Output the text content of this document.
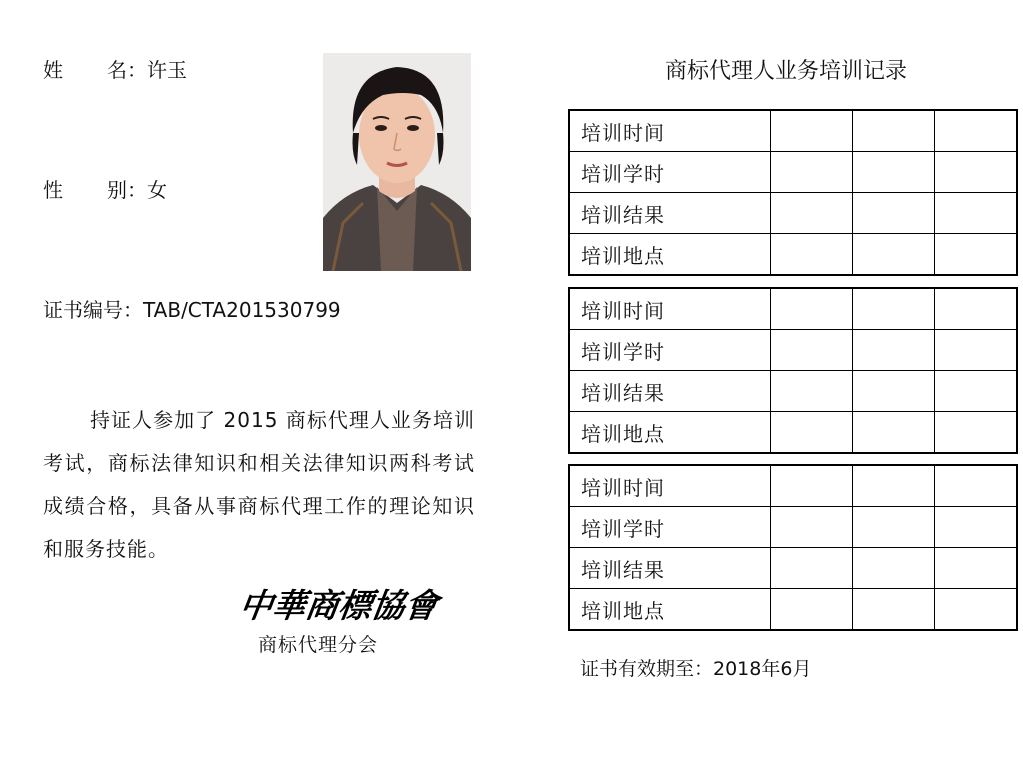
姓名：许玉
性别：女
证书编号：TAB/CTA201530799
持证人参加了 2015 商标代理人业务培训考试，商标法律知识和相关法律知识两科考试成绩合格，具备从事商标代理工作的理论知识和服务技能。
中華商標協會
商标代理分会
商标代理人业务培训记录
培训时间			
培训学时			
培训结果			
培训地点			
培训时间			
培训学时			
培训结果			
培训地点			
培训时间			
培训学时			
培训结果			
培训地点			
证书有效期至：2018年6月
